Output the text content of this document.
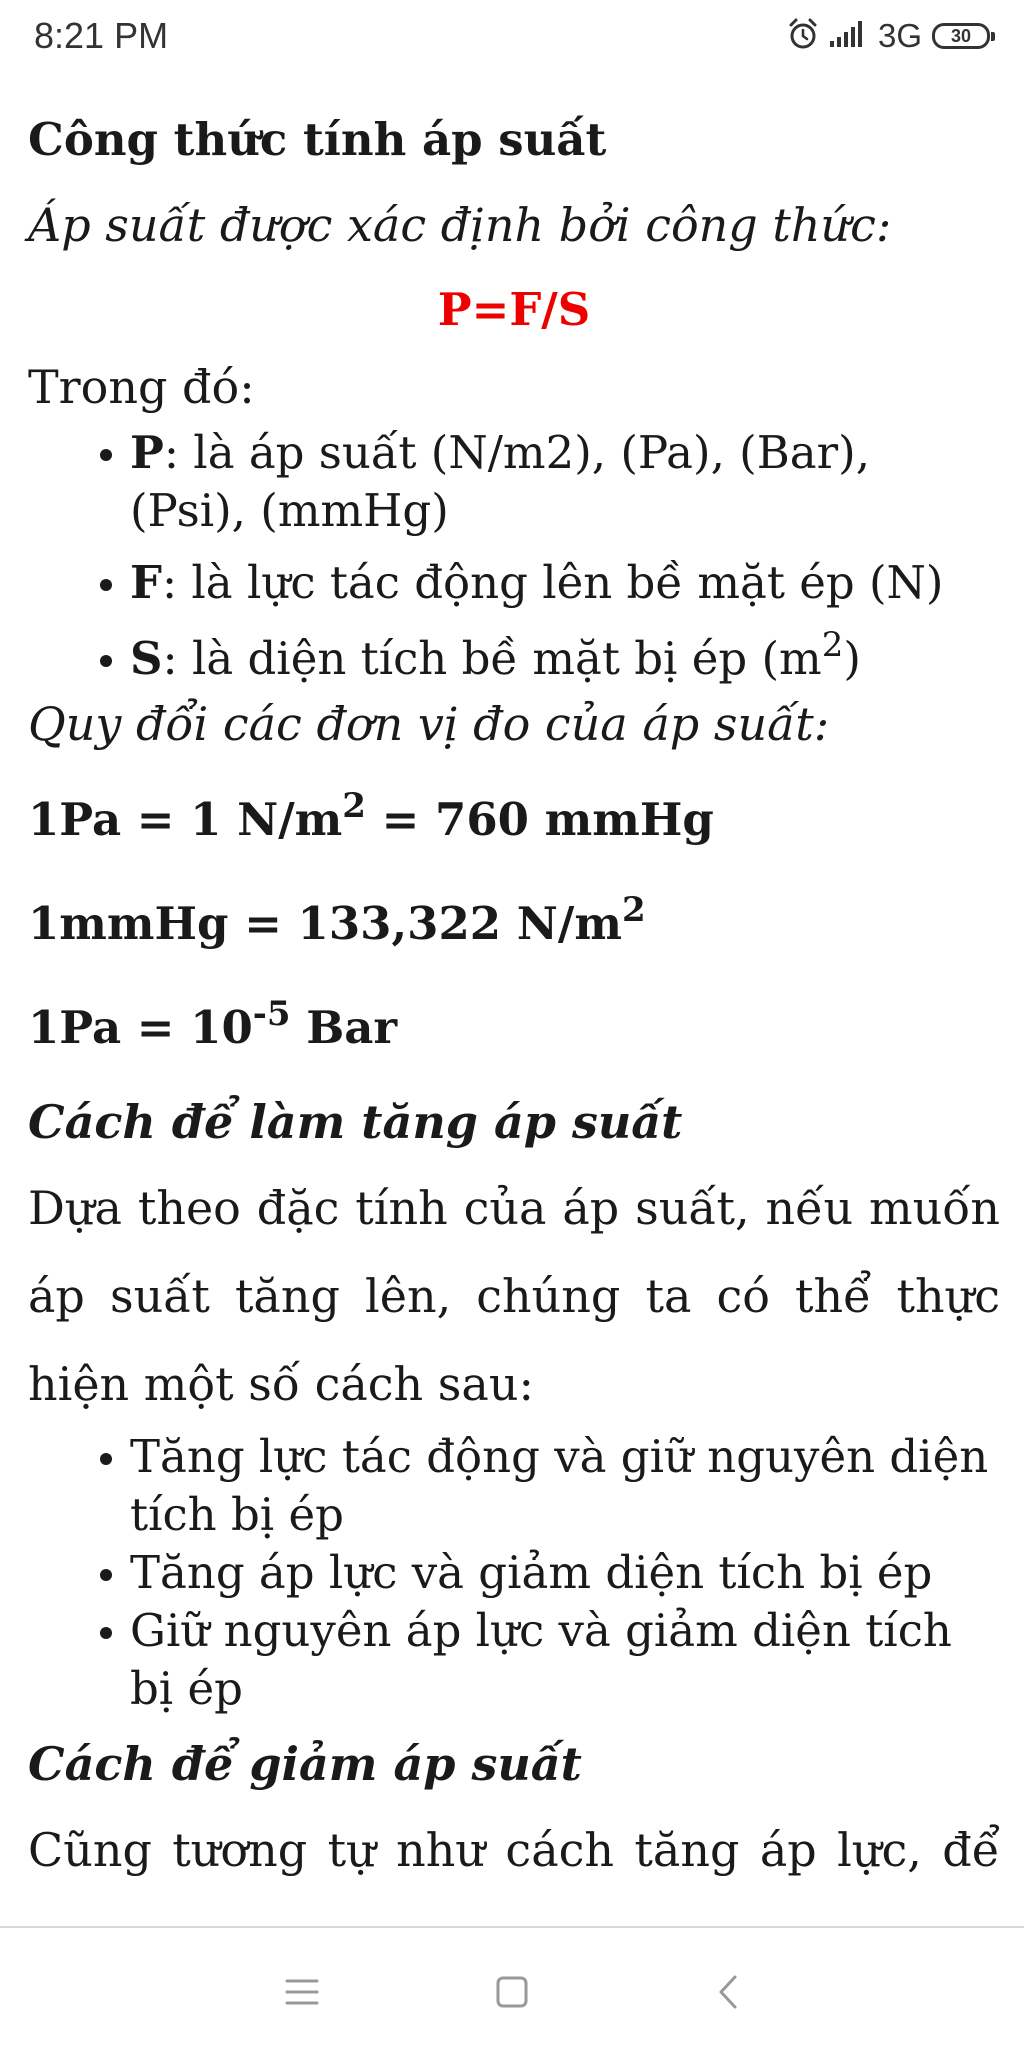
8:21 PM	3G 30
Công thức tính áp suất

Áp suất được xác định bởi công thức:

P=F/S

Trong đó:

P: là áp suất (N/m2), (Pa), (Bar), (Psi), (mmHg)
F: là lực tác động lên bề mặt ép (N)
S: là diện tích bề mặt bị ép $(m^2)$

Quy đổi các đơn vị đo của áp suất:

1Pa = 1 $N/m^2 = 760$ mmHg

1mmHg = 133,322 $N/m^2$

$1Pa = 10^{-5}$ Bar

Cách để làm tăng áp suất

Dựa theo đặc tính của áp suất, nếu muốn áp suất tăng lên, chúng ta có thể thực hiện một số cách sau:

Tăng lực tác động và giữ nguyên diện tích bị ép
Tăng áp lực và giảm diện tích bị ép
Giữ nguyên áp lực và giảm diện tích bị ép
Cách để giảm áp suất

Cũng tương tự như cách tăng áp lực, để
